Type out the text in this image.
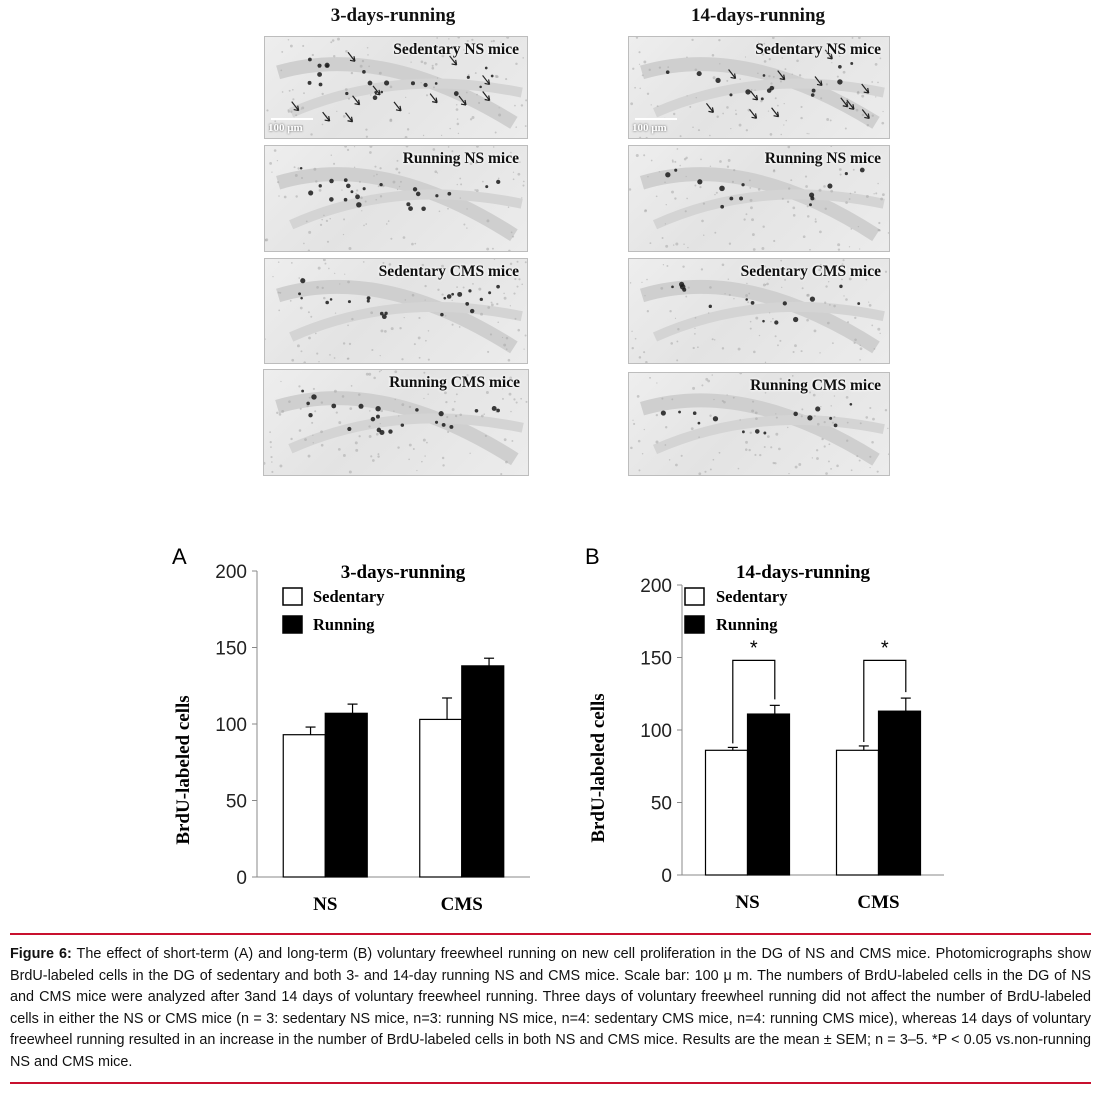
3-days-running	14-days-running
Sedentary NS mice
100 μm
Sedentary NS mice
100 μm
Running NS mice	Running NS mice
Sedentary CMS mice	Sedentary CMS mice
Running CMS mice	Running CMS mice
A
3-days-running
BrdU-labeled cells
Sedentary
Running
0
50
100
150
200
NS	CMS
B
14-days-running
BrdU-labeled cells
Sedentary
Running
0
50
100
150
200
NS	CMS
*	*
Figure 6: The effect of short-term (A) and long-term (B) voluntary freewheel running on new cell proliferation in the DG of NS and CMS mice. Photomicrographs show BrdU-labeled cells in the DG of sedentary and both 3- and 14-day running NS and CMS mice. Scale bar: 100 μ m. The numbers of BrdU-labeled cells in the DG of NS and CMS mice were analyzed after 3and 14 days of voluntary freewheel running. Three days of voluntary freewheel running did not affect the number of BrdU-labeled cells in either the NS or CMS mice (n = 3: sedentary NS mice, n=3: running NS mice, n=4: sedentary CMS mice, n=4: running CMS mice), whereas 14 days of voluntary freewheel running resulted in an increase in the number of BrdU-labeled cells in both NS and CMS mice. Results are the mean ± SEM; n = 3–5. *P < 0.05 vs.non-running NS and CMS mice.
